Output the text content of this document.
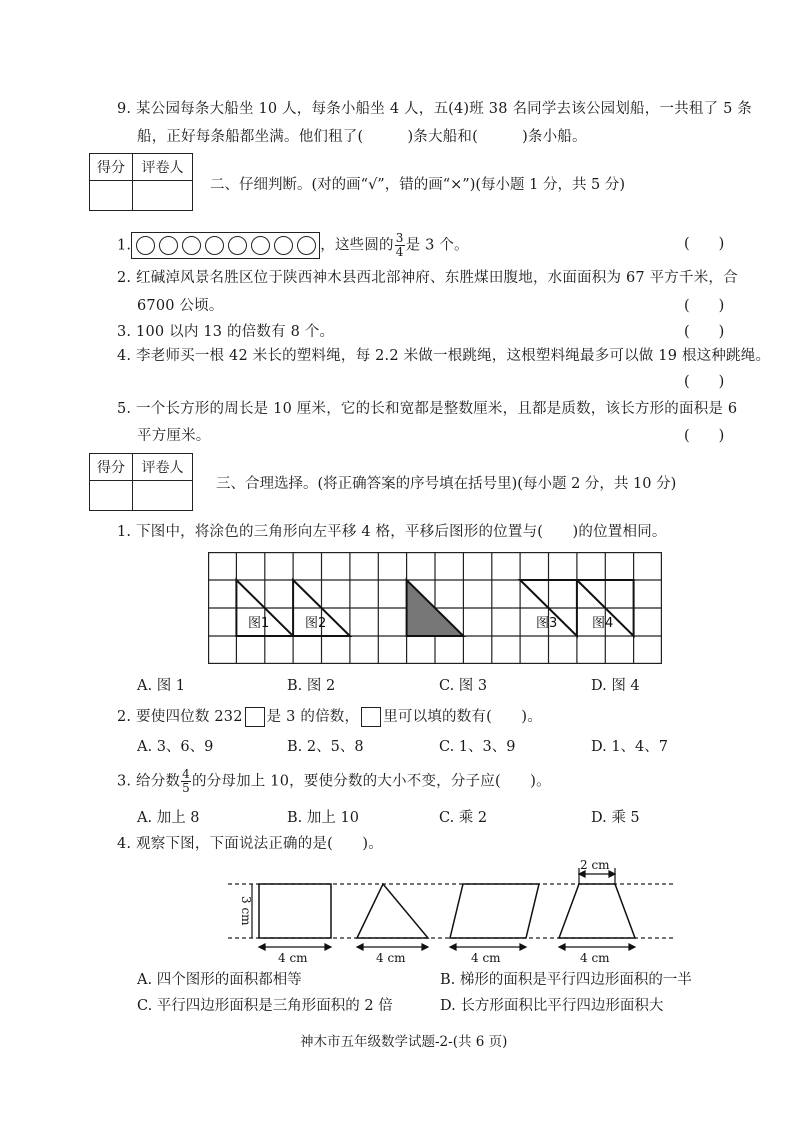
9. 某公园每条大船坐 10 人，每条小船坐 4 人，五(4)班 38 名同学去该公园划船，一共租了 5 条
船，正好每条船都坐满。他们租了(　　　)条大船和(　　　)条小船。
得分	评卷人

二、仔细判断。(对的画“√”，错的画“×”)(每小题 1 分，共 5 分)
1.	，这些圆的 $\frac{3}{4}$ 是 3 个。	(　　)
2. 红碱淖风景名胜区位于陕西神木县西北部神府、东胜煤田腹地，水面面积为 67 平方千米，合
6700 公顷。	(　　)
3. 100 以内 13 的倍数有 8 个。	(　　)
4. 李老师买一根 42 米长的塑料绳，每 2.2 米做一根跳绳，这根塑料绳最多可以做 19 根这种跳绳。
(　　)
5. 一个长方形的周长是 10 厘米，它的长和宽都是整数厘米，且都是质数，该长方形的面积是 6
平方厘米。	(　　)
得分	评卷人

三、合理选择。(将正确答案的序号填在括号里)(每小题 2 分，共 10 分)
1. 下图中，将涂色的三角形向左平移 4 格，平移后图形的位置与(　　)的位置相同。
图1	图2	图3	图4
A. 图 1	B. 图 2	C. 图 3	D. 图 4
2. 要使四位数 232 是 3 的倍数， 里可以填的数有(　　)。
A. 3、6、9	B. 2、5、8	C. 1、3、9	D. 1、4、7
3. 给分数 $\frac{4}{5}$ 的分母加上 10，要使分数的大小不变，分子应(　　)。
A. 加上 8	B. 加上 10	C. 乘 2	D. 乘 5
4. 观察下图，下面说法正确的是(　　)。
3 cm
4 cm	4 cm	4 cm	4 cm
2 cm
A. 四个图形的面积都相等	B. 梯形的面积是平行四边形面积的一半
C. 平行四边形面积是三角形面积的 2 倍	D. 长方形面积比平行四边形面积大
神木市五年级数学试题-2-(共 6 页)
